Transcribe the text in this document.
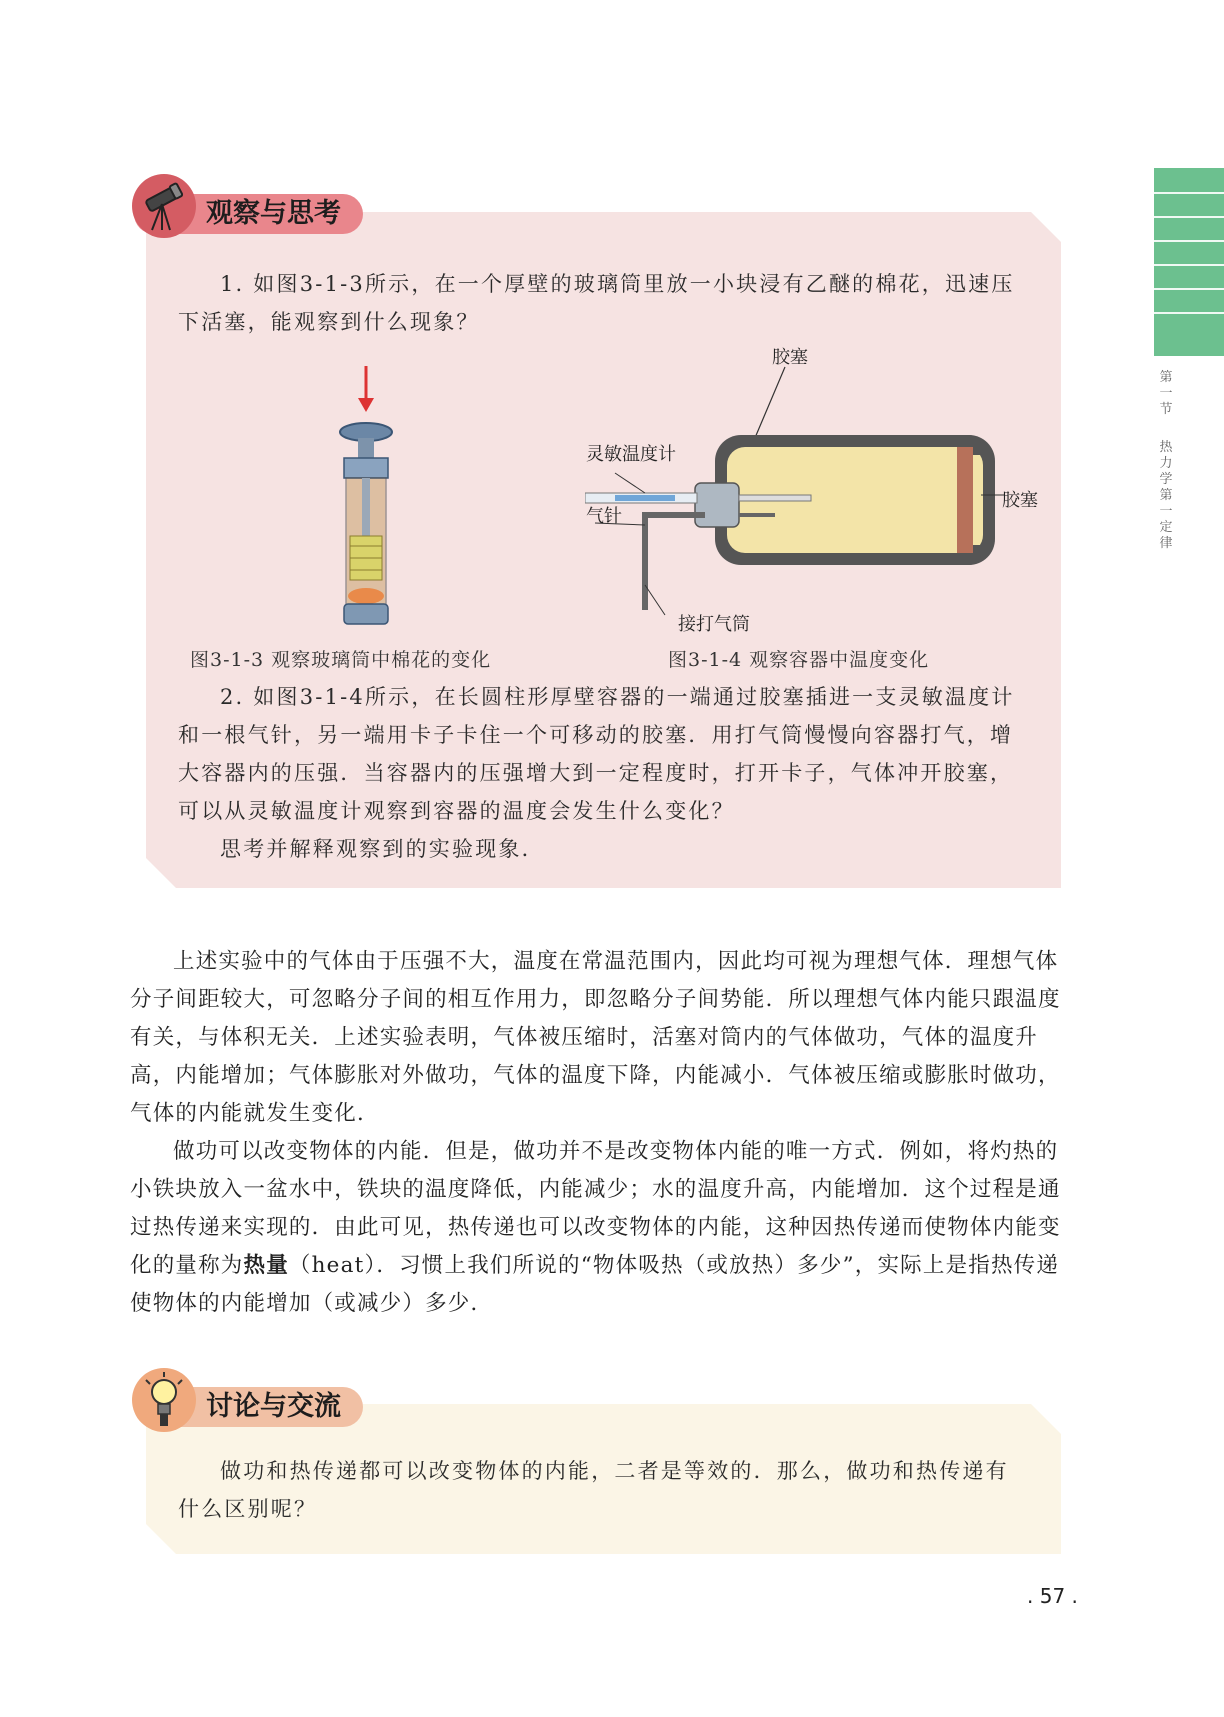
第一节
热力学第一定律
观察与思考
1. 如图3-1-3所示，在一个厚壁的玻璃筒里放一小块浸有乙醚的棉花，迅速压下活塞，能观察到什么现象？
图3-1-3 观察玻璃筒中棉花的变化
胶塞
灵敏温度计
气针
胶塞
接打气筒
图3-1-4 观察容器中温度变化
2. 如图3-1-4所示，在长圆柱形厚壁容器的一端通过胶塞插进一支灵敏温度计和一根气针，另一端用卡子卡住一个可移动的胶塞．用打气筒慢慢向容器打气，增大容器内的压强．当容器内的压强增大到一定程度时，打开卡子，气体冲开胶塞，可以从灵敏温度计观察到容器的温度会发生什么变化？
思考并解释观察到的实验现象．
上述实验中的气体由于压强不大，温度在常温范围内，因此均可视为理想气体．理想气体分子间距较大，可忽略分子间的相互作用力，即忽略分子间势能．所以理想气体内能只跟温度有关，与体积无关．上述实验表明，气体被压缩时，活塞对筒内的气体做功，气体的温度升高，内能增加；气体膨胀对外做功，气体的温度下降，内能减小．气体被压缩或膨胀时做功，气体的内能就发生变化．
做功可以改变物体的内能．但是，做功并不是改变物体内能的唯一方式．例如，将灼热的小铁块放入一盆水中，铁块的温度降低，内能减少；水的温度升高，内能增加．这个过程是通过热传递来实现的．由此可见，热传递也可以改变物体的内能，这种因热传递而使物体内能变化的量称为热量（heat）．习惯上我们所说的“物体吸热（或放热）多少”，实际上是指热传递使物体的内能增加（或减少）多少．
讨论与交流
做功和热传递都可以改变物体的内能，二者是等效的．那么，做功和热传递有什么区别呢？
. 57 .
